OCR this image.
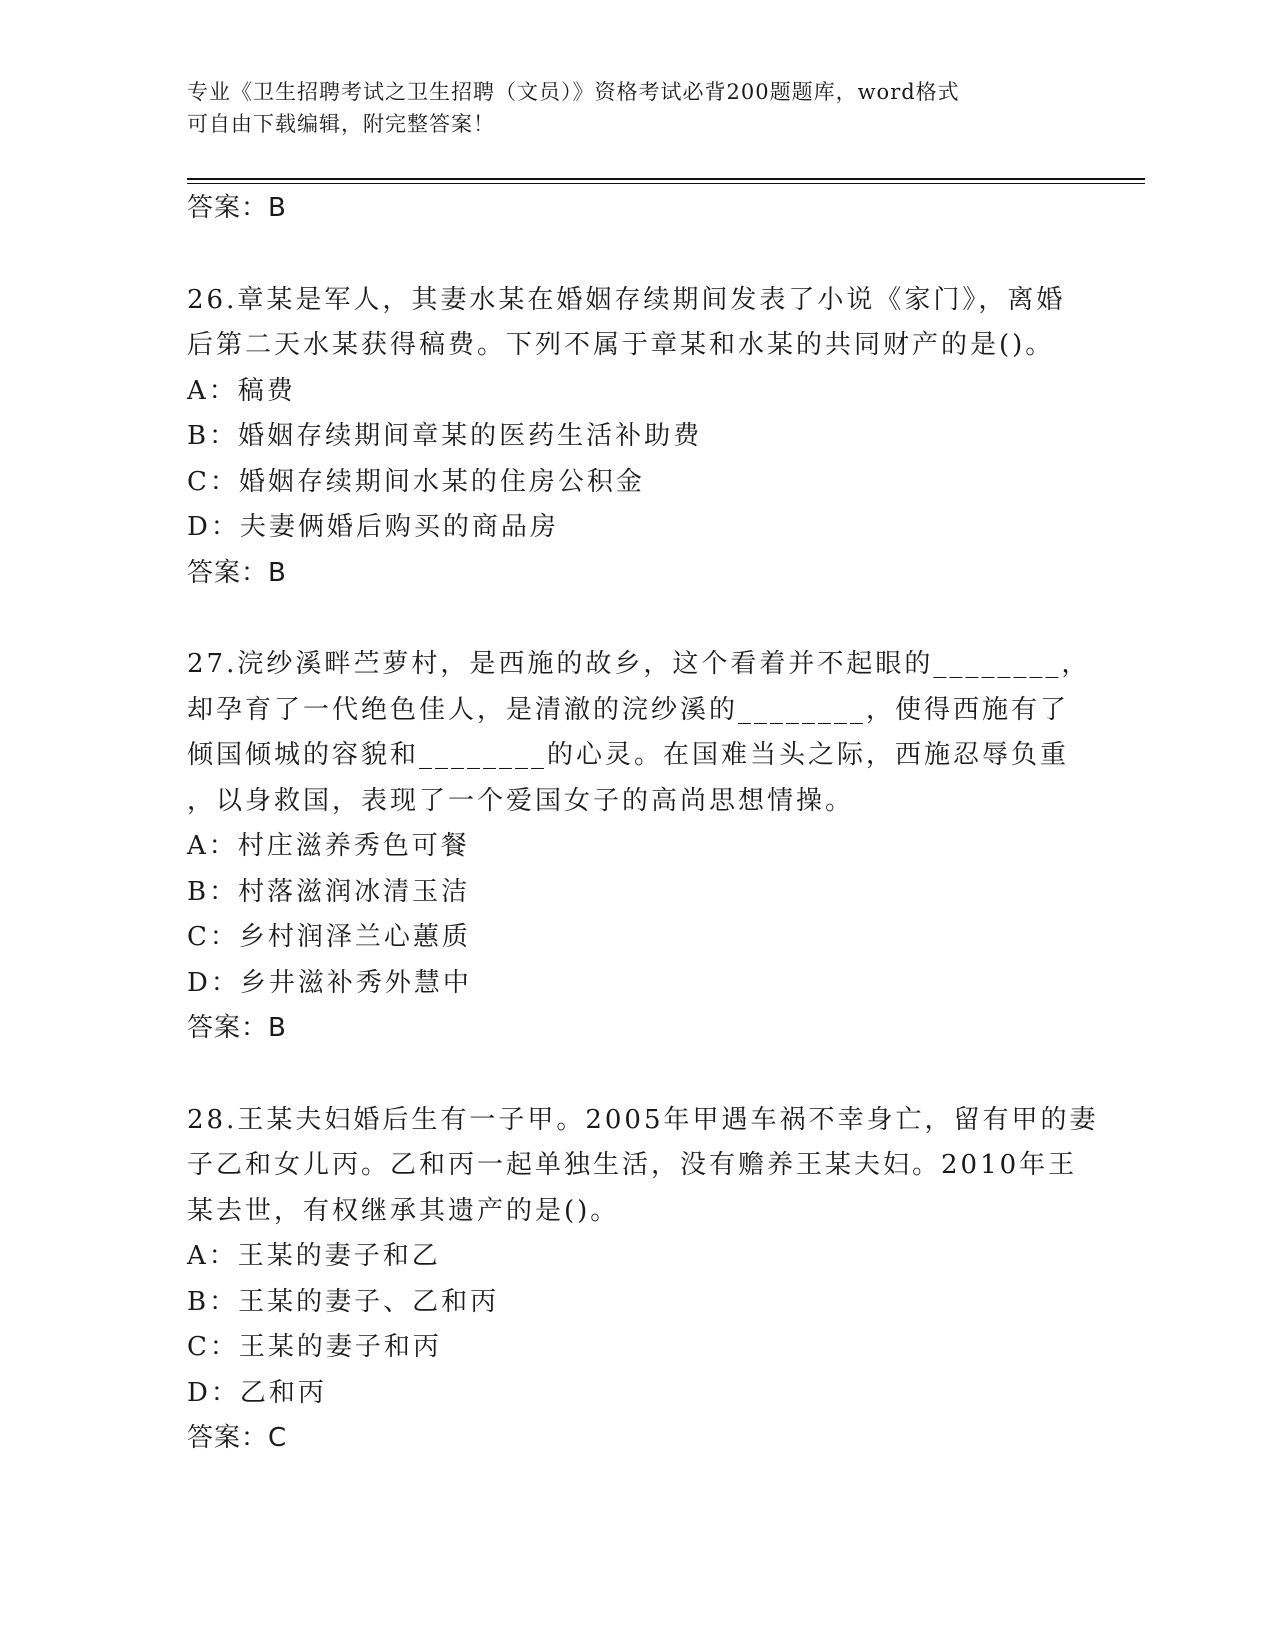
专业《卫生招聘考试之卫生招聘（文员）》资格考试必背200题题库，word格式
可自由下载编辑，附完整答案！
答案：B
26.章某是军人，其妻水某在婚姻存续期间发表了小说《家门》，离婚
后第二天水某获得稿费。下列不属于章某和水某的共同财产的是()。
A：稿费
B：婚姻存续期间章某的医药生活补助费
C：婚姻存续期间水某的住房公积金
D：夫妻俩婚后购买的商品房
答案：B
27.浣纱溪畔苎萝村，是西施的故乡，这个看着并不起眼的________，
却孕育了一代绝色佳人，是清澈的浣纱溪的________，使得西施有了
倾国倾城的容貌和________的心灵。在国难当头之际，西施忍辱负重
，以身救国，表现了一个爱国女子的高尚思想情操。
A：村庄滋养秀色可餐
B：村落滋润冰清玉洁
C：乡村润泽兰心蕙质
D：乡井滋补秀外慧中
答案：B
28.王某夫妇婚后生有一子甲。2005年甲遇车祸不幸身亡，留有甲的妻
子乙和女儿丙。乙和丙一起单独生活，没有赡养王某夫妇。2010年王
某去世，有权继承其遗产的是()。
A：王某的妻子和乙
B：王某的妻子、乙和丙
C：王某的妻子和丙
D：乙和丙
答案：C
